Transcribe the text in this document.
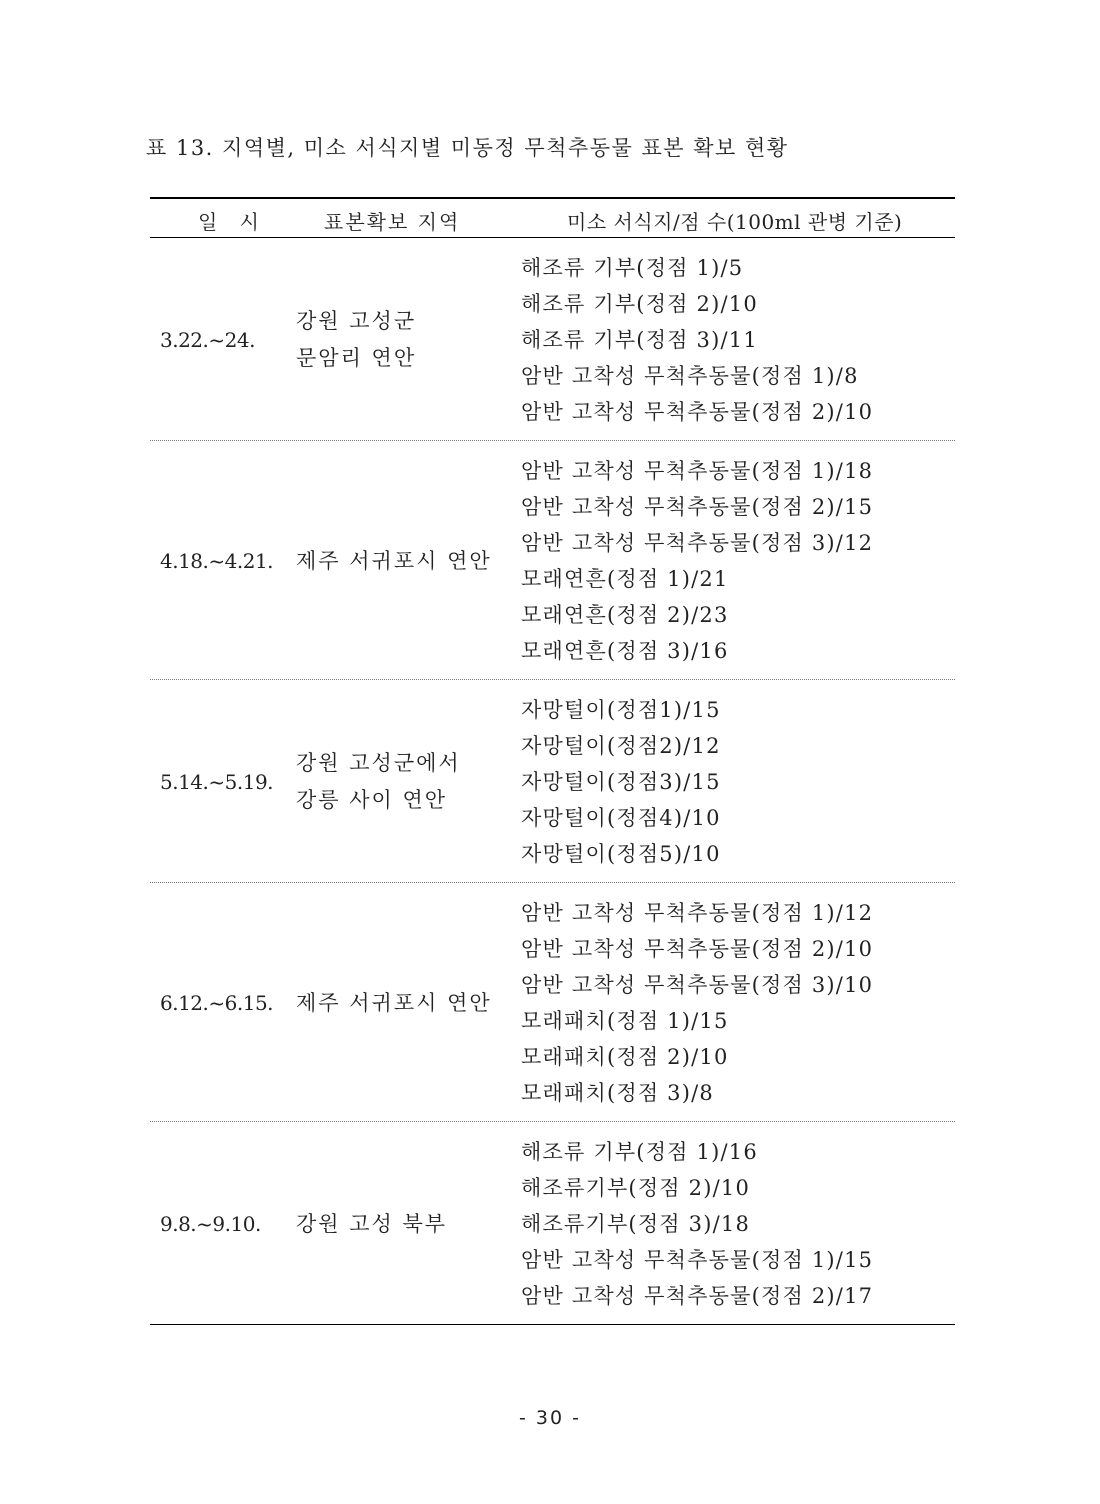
표 13. 지역별, 미소 서식지별 미동정 무척추동물 표본 확보 현황
일 시	표본확보 지역	미소 서식지/점 수(100ml 관병 기준)
3.22.~24.
강원 고성군
문암리 연안
해조류 기부(정점 1)/5
해조류 기부(정점 2)/10
해조류 기부(정점 3)/11
암반 고착성 무척추동물(정점 1)/8
암반 고착성 무척추동물(정점 2)/10
4.18.~4.21. 제주 서귀포시 연안
암반 고착성 무척추동물(정점 1)/18
암반 고착성 무척추동물(정점 2)/15
암반 고착성 무척추동물(정점 3)/12
모래연흔(정점 1)/21
모래연흔(정점 2)/23
모래연흔(정점 3)/16
5.14.~5.19.
강원 고성군에서
강릉 사이 연안
자망털이(정점1)/15
자망털이(정점2)/12
자망털이(정점3)/15
자망털이(정점4)/10
자망털이(정점5)/10
6.12.~6.15. 제주 서귀포시 연안
암반 고착성 무척추동물(정점 1)/12
암반 고착성 무척추동물(정점 2)/10
암반 고착성 무척추동물(정점 3)/10
모래패치(정점 1)/15
모래패치(정점 2)/10
모래패치(정점 3)/8
9.8.~9.10. 강원 고성 북부
해조류 기부(정점 1)/16
해조류기부(정점 2)/10
해조류기부(정점 3)/18
암반 고착성 무척추동물(정점 1)/15
암반 고착성 무척추동물(정점 2)/17
- 30 -
